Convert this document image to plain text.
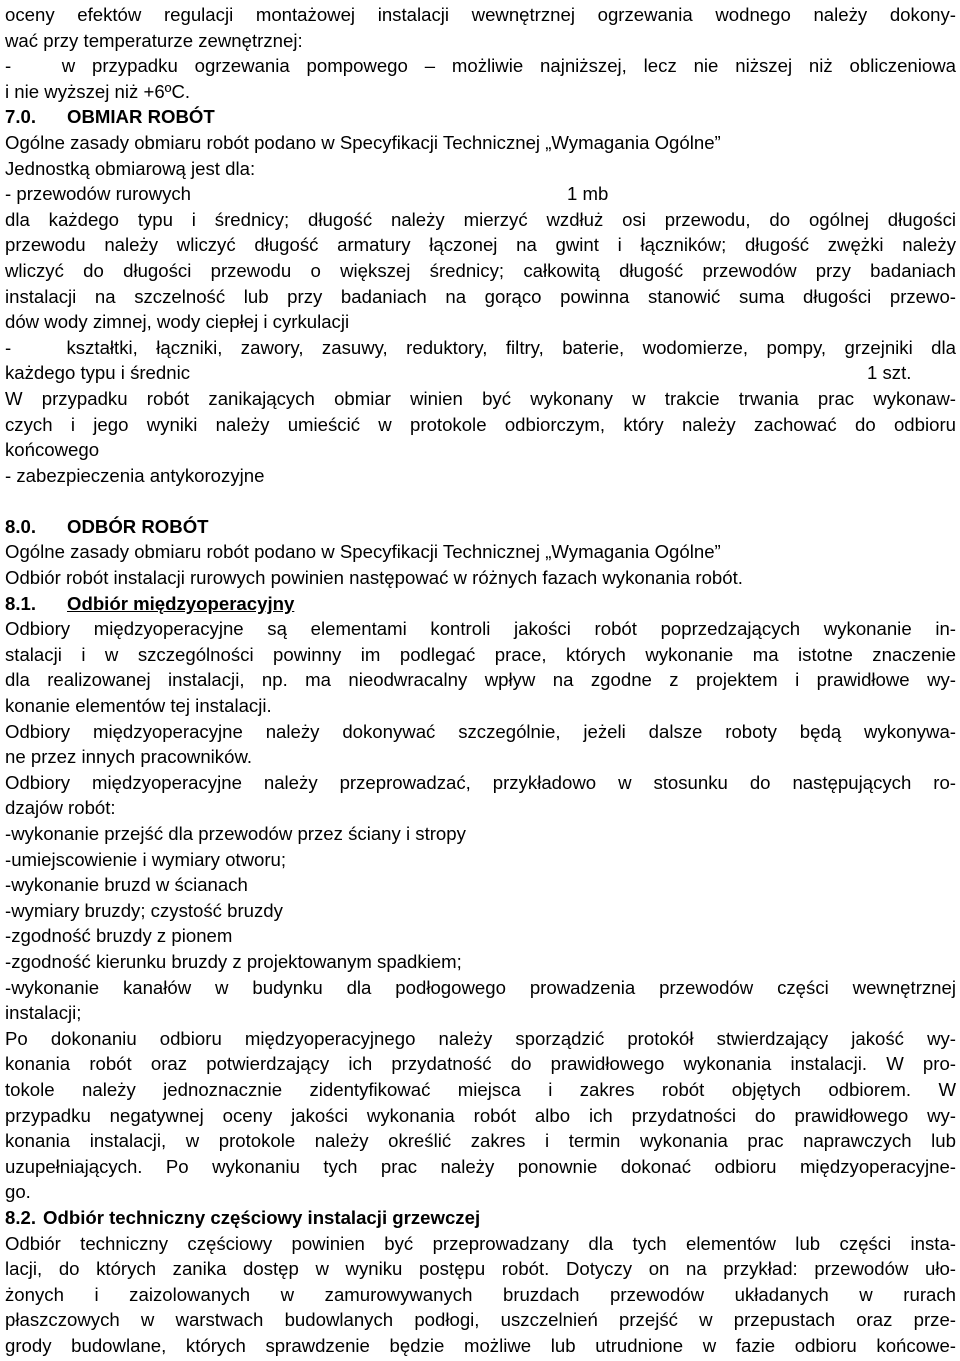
oceny efektów regulacji montażowej instalacji wewnętrznej ogrzewania wodnego należy dokony-
wać przy temperaturze zewnętrznej:
-   w przypadku ogrzewania pompowego – możliwie najniższej, lecz nie niższej niż obliczeniowa
i nie wyższej niż +6ºC.
7.0.	OBMIAR ROBÓT
Ogólne zasady obmiaru robót podano w Specyfikacji Technicznej „Wymagania Ogólne”
Jednostką obmiarową jest dla:
- przewodów rurowych	1 mb
dla każdego typu i średnicy; długość należy mierzyć wzdłuż osi przewodu, do ogólnej długości
przewodu należy wliczyć długość armatury łączonej na gwint i łączników; długość zwężki należy
wliczyć do długości przewodu o większej średnicy; całkowitą długość przewodów przy badaniach
instalacji na szczelność lub przy badaniach na gorąco powinna stanowić suma długości przewo-
dów wody zimnej, wody ciepłej i cyrkulacji
-   kształtki, łączniki, zawory, zasuwy, reduktory, filtry, baterie, wodomierze, pompy, grzejniki dla
każdego typu i średnic	1 szt.
W przypadku robót zanikających obmiar winien być wykonany w trakcie trwania prac wykonaw-
czych i jego wyniki należy umieścić w protokole odbiorczym, który należy zachować do odbioru
końcowego
- zabezpieczenia antykorozyjne
8.0.	ODBÓR ROBÓT
Ogólne zasady obmiaru robót podano w Specyfikacji Technicznej „Wymagania Ogólne”
Odbiór robót instalacji rurowych powinien następować w różnych fazach wykonania robót.
8.1.	Odbiór międzyoperacyjny
Odbiory międzyoperacyjne są elementami kontroli jakości robót poprzedzających wykonanie in-
stalacji i w szczególności powinny im podlegać prace, których wykonanie ma istotne znaczenie
dla realizowanej instalacji, np. ma nieodwracalny wpływ na zgodne z projektem i prawidłowe wy-
konanie elementów tej instalacji.
Odbiory międzyoperacyjne należy dokonywać szczególnie, jeżeli dalsze roboty będą wykonywa-
ne przez innych pracowników.
Odbiory międzyoperacyjne należy przeprowadzać, przykładowo w stosunku do następujących ro-
dzajów robót:
-wykonanie przejść dla przewodów przez ściany i stropy
-umiejscowienie i wymiary otworu;
-wykonanie bruzd w ścianach
-wymiary bruzdy; czystość bruzdy
-zgodność bruzdy z pionem
-zgodność kierunku bruzdy z projektowanym spadkiem;
-wykonanie kanałów w budynku dla podłogowego prowadzenia przewodów części wewnętrznej
instalacji;
Po dokonaniu odbioru międzyoperacyjnego należy sporządzić protokół stwierdzający jakość wy-
konania robót oraz potwierdzający ich przydatność do prawidłowego wykonania instalacji. W pro-
tokole należy jednoznacznie zidentyfikować miejsca i zakres robót objętych odbiorem. W
przypadku negatywnej oceny jakości wykonania robót albo ich przydatności do prawidłowego wy-
konania instalacji, w protokole należy określić zakres i termin wykonania prac naprawczych lub
uzupełniających. Po wykonaniu tych prac należy ponownie dokonać odbioru międzyoperacyjne-
go.
8.2. Odbiór techniczny częściowy instalacji grzewczej
Odbiór techniczny częściowy powinien być przeprowadzany dla tych elementów lub części insta-
lacji, do których zanika dostęp w wyniku postępu robót. Dotyczy on na przykład: przewodów uło-
żonych i zaizolowanych w zamurowywanych bruzdach przewodów układanych w rurach
płaszczowych w warstwach budowlanych podłogi, uszczelnień przejść w przepustach oraz prze-
grody budowlane, których sprawdzenie będzie możliwe lub utrudnione w fazie odbioru końcowe-
